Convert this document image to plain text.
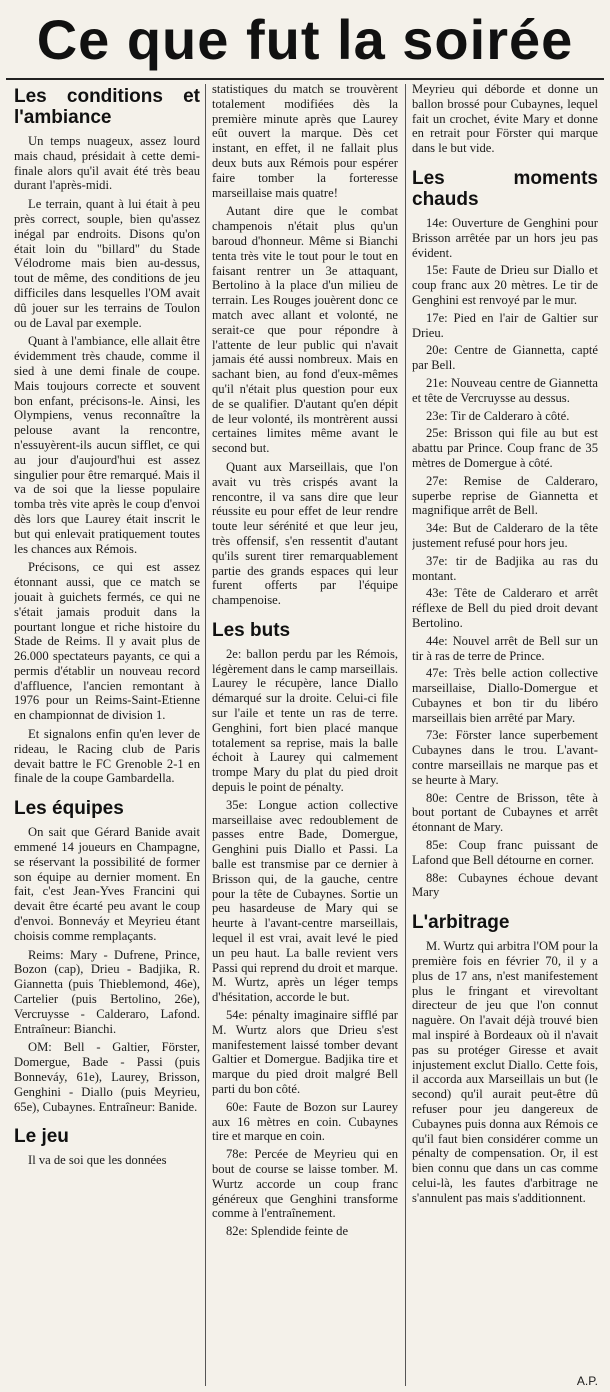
Ce que fut la soirée
Les conditions et l'ambiance

Un temps nuageux, assez lourd mais chaud, présidait à cette demi-finale alors qu'il avait été très beau durant l'après-midi.

Le terrain, quant à lui était à peu près correct, souple, bien qu'assez inégal par endroits. Disons qu'on était loin du "billard" du Stade Vélodrome mais bien au-dessus, tout de même, des conditions de jeu difficiles dans lesquelles l'OM avait dû jouer sur les terrains de Toulon ou de Laval par exemple.

Quant à l'ambiance, elle allait être évidemment très chaude, comme il sied à une demi finale de coupe. Mais toujours correcte et souvent bon enfant, précisons-le. Ainsi, les Olympiens, venus reconnaître la pelouse avant la rencontre, n'essuyèrent-ils aucun sifflet, ce qui au jour d'aujourd'hui est assez singulier pour être remarqué. Mais il va de soi que la liesse populaire tomba très vite après le coup d'envoi dès lors que Laurey était inscrit le but qui enlevait pratiquement toutes les chances aux Rémois.

Précisons, ce qui est assez étonnant aussi, que ce match se jouait à guichets fermés, ce qui ne s'était jamais produit dans la pourtant longue et riche histoire du Stade de Reims. Il y avait plus de 26.000 spectateurs payants, ce qui a permis d'établir un nouveau record d'affluence, l'ancien remontant à 1976 pour un Reims-Saint-Etienne en championnat de division 1.

Et signalons enfin qu'en lever de rideau, le Racing club de Paris devait battre le FC Grenoble 2-1 en finale de la coupe Gambardella.

Les équipes

On sait que Gérard Banide avait emmené 14 joueurs en Champagne, se réservant la possibilité de former son équipe au dernier moment. En fait, c'est Jean-Yves Francini qui devait être écarté peu avant le coup d'envoi. Bonneváy et Meyrieu étant choisis comme remplaçants.

Reims: Mary - Dufrene, Prince, Bozon (cap), Drieu - Badjika, R. Giannetta (puis Thieblemond, 46e), Cartelier (puis Bertolino, 26e), Vercruysse - Calderaro, Lafond. Entraîneur: Bianchi.

OM: Bell - Galtier, Förster, Domergue, Bade - Passi (puis Bonneváy, 61e), Laurey, Brisson, Genghini - Diallo (puis Meyrieu, 65e), Cubaynes. Entraîneur: Banide.

Le jeu

Il va de soi que les données

statistiques du match se trouvèrent totalement modifiées dès la première minute après que Laurey eût ouvert la marque. Dès cet instant, en effet, il ne fallait plus deux buts aux Rémois pour espérer faire tomber la forteresse marseillaise mais quatre!

Autant dire que le combat champenois n'était plus qu'un baroud d'honneur. Même si Bianchi tenta très vite le tout pour le tout en faisant rentrer un 3e attaquant, Bertolino à la place d'un milieu de terrain. Les Rouges jouèrent donc ce match avec allant et volonté, ne serait-ce que pour répondre à l'attente de leur public qui n'avait jamais été aussi nombreux. Mais en sachant bien, au fond d'eux-mêmes qu'il n'était plus question pour eux de se qualifier. D'autant qu'en dépit de leur volonté, ils montrèrent aussi certaines limites même avant le second but.

Quant aux Marseillais, que l'on avait vu très crispés avant la rencontre, il va sans dire que leur réussite eu pour effet de leur rendre toute leur sérénité et que leur jeu, très offensif, s'en ressentit d'autant qu'ils surent tirer remarquablement partie des grands espaces qui leur furent offerts par l'équipe champenoise.

Les buts

2e: ballon perdu par les Rémois, légèrement dans le camp marseillais. Laurey le récupère, lance Diallo démarqué sur la droite. Celui-ci file sur l'aile et tente un ras de terre. Genghini, fort bien placé manque totalement sa reprise, mais la balle échoit à Laurey qui calmement trompe Mary du plat du pied droit depuis le point de pénalty.

35e: Longue action collective marseillaise avec redoublement de passes entre Bade, Domergue, Genghini puis Diallo et Passi. La balle est transmise par ce dernier à Brisson qui, de la gauche, centre pour la tête de Cubaynes. Sortie un peu hasardeuse de Mary qui se heurte à l'avant-centre marseillais, lequel il est vrai, avait levé le pied un peu haut. La balle revient vers Passi qui reprend du droit et marque. M. Wurtz, après un léger temps d'hésitation, accorde le but.

54e: pénalty imaginaire sifflé par M. Wurtz alors que Drieu s'est manifestement laissé tomber devant Galtier et Domergue. Badjika tire et marque du pied droit malgré Bell parti du bon côté.

60e: Faute de Bozon sur Laurey aux 16 mètres en coin. Cubaynes tire et marque en coin.

78e: Percée de Meyrieu qui en bout de course se laisse tomber. M. Wurtz accorde un coup franc généreux que Genghini transforme comme à l'entraînement.

82e: Splendide feinte de

Meyrieu qui déborde et donne un ballon brossé pour Cubaynes, lequel fait un crochet, évite Mary et donne en retrait pour Förster qui marque dans le but vide.

Les moments chauds

14e: Ouverture de Genghini pour Brisson arrêtée par un hors jeu pas évident.

15e: Faute de Drieu sur Diallo et coup franc aux 20 mètres. Le tir de Genghini est renvoyé par le mur.

17e: Pied en l'air de Galtier sur Drieu.

20e: Centre de Giannetta, capté par Bell.

21e: Nouveau centre de Giannetta et tête de Vercruysse au dessus.

23e: Tir de Calderaro à côté.

25e: Brisson qui file au but est abattu par Prince. Coup franc de 35 mètres de Domergue à côté.

27e: Remise de Calderaro, superbe reprise de Giannetta et magnifique arrêt de Bell.

34e: But de Calderaro de la tête justement refusé pour hors jeu.

37e: tir de Badjika au ras du montant.

43e: Tête de Calderaro et arrêt réflexe de Bell du pied droit devant Bertolino.

44e: Nouvel arrêt de Bell sur un tir à ras de terre de Prince.

47e: Très belle action collective marseillaise, Diallo-Domergue et Cubaynes et bon tir du libéro marseillais bien arrêté par Mary.

73e: Förster lance superbement Cubaynes dans le trou. L'avant-contre marseillais ne marque pas et se heurte à Mary.

80e: Centre de Brisson, tête à bout portant de Cubaynes et arrêt étonnant de Mary.

85e: Coup franc puissant de Lafond que Bell détourne en corner.

88e: Cubaynes échoue devant Mary

L'arbitrage

M. Wurtz qui arbitra l'OM pour la première fois en février 70, il y a plus de 17 ans, n'est manifestement plus le fringant et virevoltant directeur de jeu que l'on connut naguère. On l'avait déjà trouvé bien mal inspiré à Bordeaux où il n'avait pas su protéger Giresse et avait injustement exclut Diallo. Cette fois, il accorda aux Marseillais un but (le second) qu'il aurait peut-être dû refuser pour jeu dangereux de Cubaynes puis donna aux Rémois ce qu'il faut bien considérer comme un pénalty de compensation. Or, il est bien connu que dans un cas comme celui-là, les fautes d'arbitrage ne s'annulent pas mais s'additionnent.

A.P.
